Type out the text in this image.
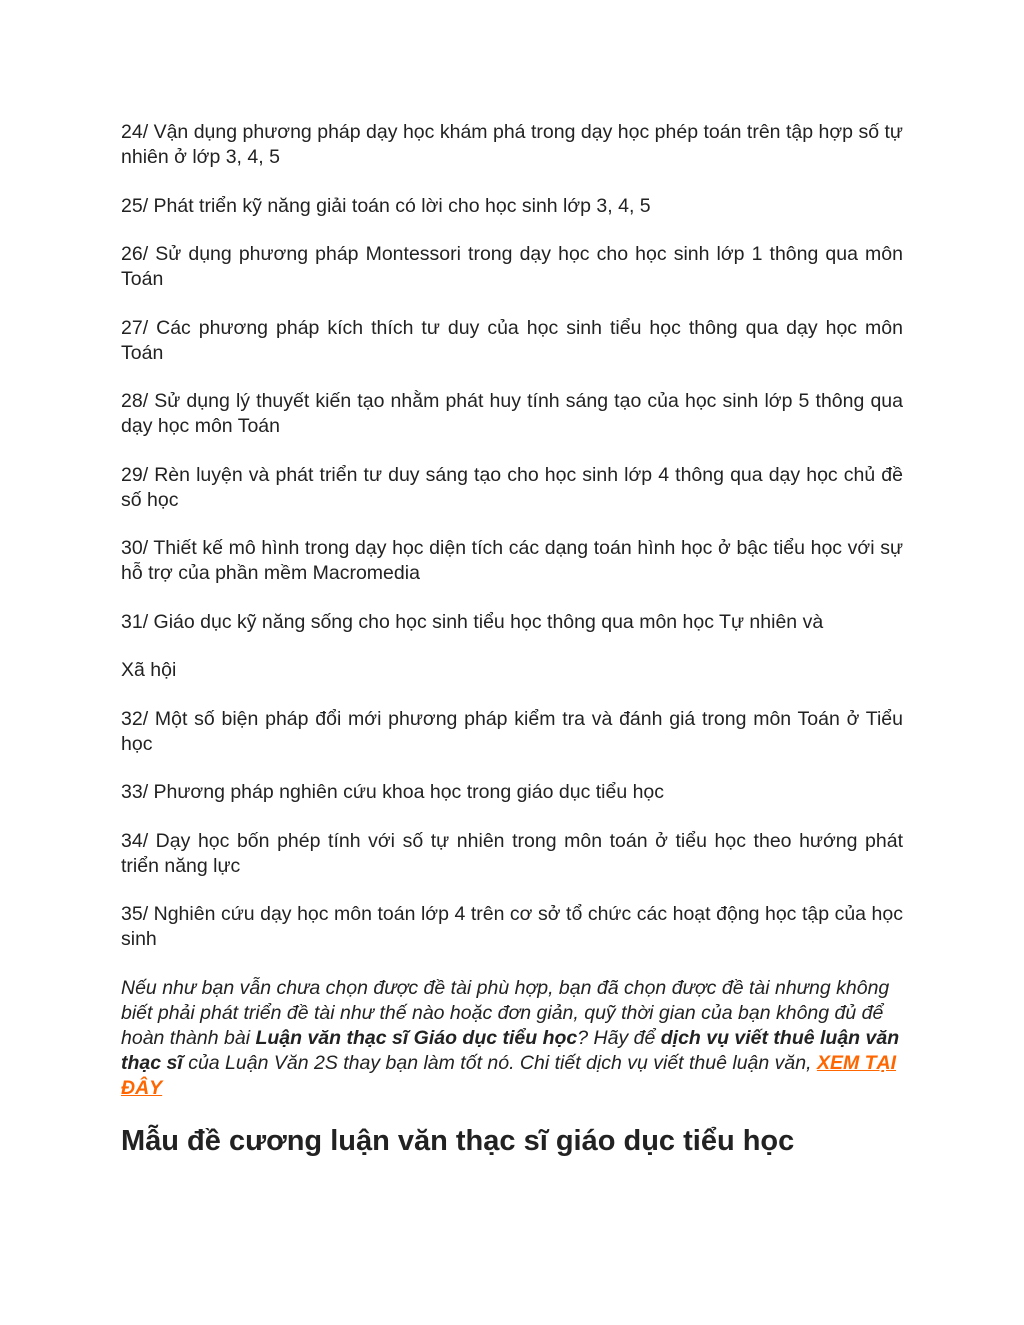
24/ Vận dụng phương pháp dạy học khám phá trong dạy học phép toán trên tập hợp số tự nhiên ở lớp 3, 4, 5

25/ Phát triển kỹ năng giải toán có lời cho học sinh lớp 3, 4, 5

26/ Sử dụng phương pháp Montessori trong dạy học cho học sinh lớp 1 thông qua môn Toán

27/ Các phương pháp kích thích tư duy của học sinh tiểu học thông qua dạy học môn Toán

28/ Sử dụng lý thuyết kiến tạo nhằm phát huy tính sáng tạo của học sinh lớp 5 thông qua dạy học môn Toán

29/ Rèn luyện và phát triển tư duy sáng tạo cho học sinh lớp 4 thông qua dạy học chủ đề số học

30/ Thiết kế mô hình trong dạy học diện tích các dạng toán hình học ở bậc tiểu học với sự hỗ trợ của phần mềm Macromedia

31/ Giáo dục kỹ năng sống cho học sinh tiểu học thông qua môn học Tự nhiên và

Xã hội

32/ Một số biện pháp đổi mới phương pháp kiểm tra và đánh giá trong môn Toán ở Tiểu học

33/ Phương pháp nghiên cứu khoa học trong giáo dục tiểu học

34/ Dạy học bốn phép tính với số tự nhiên trong môn toán ở tiểu học theo hướng phát triển năng lực

35/ Nghiên cứu dạy học môn toán lớp 4 trên cơ sở tổ chức các hoạt động học tập của học sinh

Nếu như bạn vẫn chưa chọn được đề tài phù hợp, bạn đã chọn được đề tài nhưng không biết phải phát triển đề tài như thế nào hoặc đơn giản, quỹ thời gian của bạn không đủ để hoàn thành bài Luận văn thạc sĩ Giáo dục tiểu học? Hãy để dịch vụ viết thuê luận văn thạc sĩ của Luận Văn 2S thay bạn làm tốt nó. Chi tiết dịch vụ viết thuê luận văn, XEM TẠI ĐÂY

Mẫu đề cương luận văn thạc sĩ giáo dục tiểu học
